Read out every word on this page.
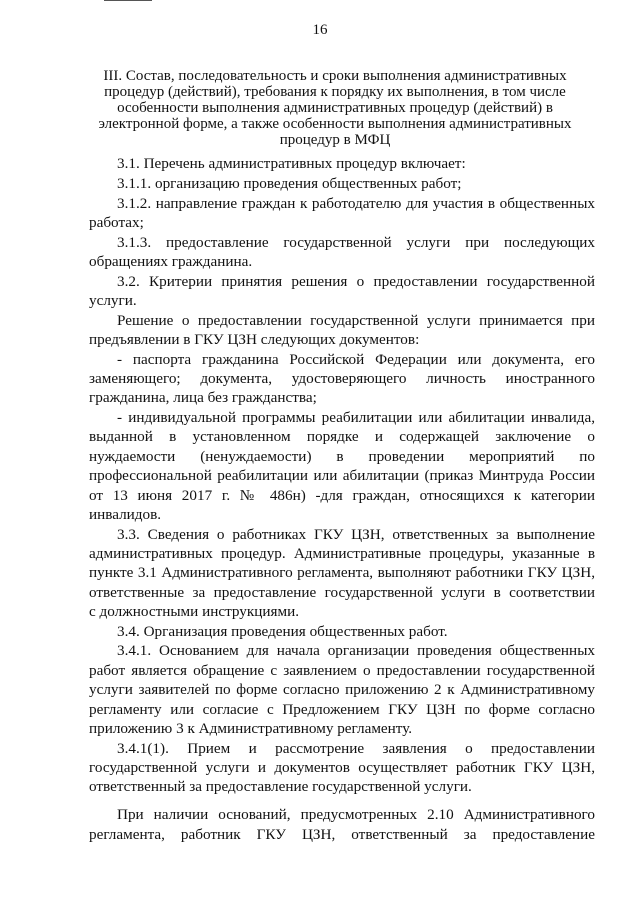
16
III. Состав, последовательность и сроки выполнения административных
процедур (действий), требования к порядку их выполнения, в том числе
особенности выполнения административных процедур (действий) в
электронной форме, а также особенности выполнения административных
процедур в МФЦ
3.1. Перечень административных процедур включает:
3.1.1. организацию проведения общественных работ;
3.1.2. направление граждан к работодателю для участия в общественных
работах;
3.1.3. предоставление государственной услуги при последующих
обращениях гражданина.
3.2. Критерии принятия решения о предоставлении государственной
услуги.
Решение о предоставлении государственной услуги принимается при
предъявлении в ГКУ ЦЗН следующих документов:
- паспорта гражданина Российской Федерации или документа, его
заменяющего; документа, удостоверяющего личность иностранного
гражданина, лица без гражданства;
- индивидуальной программы реабилитации или абилитации инвалида,
выданной в установленном порядке и содержащей заключение о
нуждаемости (ненуждаемости) в проведении мероприятий по
профессиональной реабилитации или абилитации (приказ Минтруда России
от 13 июня 2017 г. № 486н) -для граждан, относящихся к категории
инвалидов.
3.3. Сведения о работниках ГКУ ЦЗН, ответственных за выполнение
административных процедур. Административные процедуры, указанные в
пункте 3.1 Административного регламента, выполняют работники ГКУ ЦЗН,
ответственные за предоставление государственной услуги в соответствии
с должностными инструкциями.
3.4. Организация проведения общественных работ.
3.4.1. Основанием для начала организации проведения общественных
работ является обращение с заявлением о предоставлении государственной
услуги заявителей по форме согласно приложению 2 к Административному
регламенту или согласие с Предложением ГКУ ЦЗН по форме согласно
приложению 3 к Административному регламенту.
3.4.1(1). Прием и рассмотрение заявления о предоставлении
государственной услуги и документов осуществляет работник ГКУ ЦЗН,
ответственный за предоставление государственной услуги.
При наличии оснований, предусмотренных 2.10 Административного
регламента, работник ГКУ ЦЗН, ответственный за предоставление
